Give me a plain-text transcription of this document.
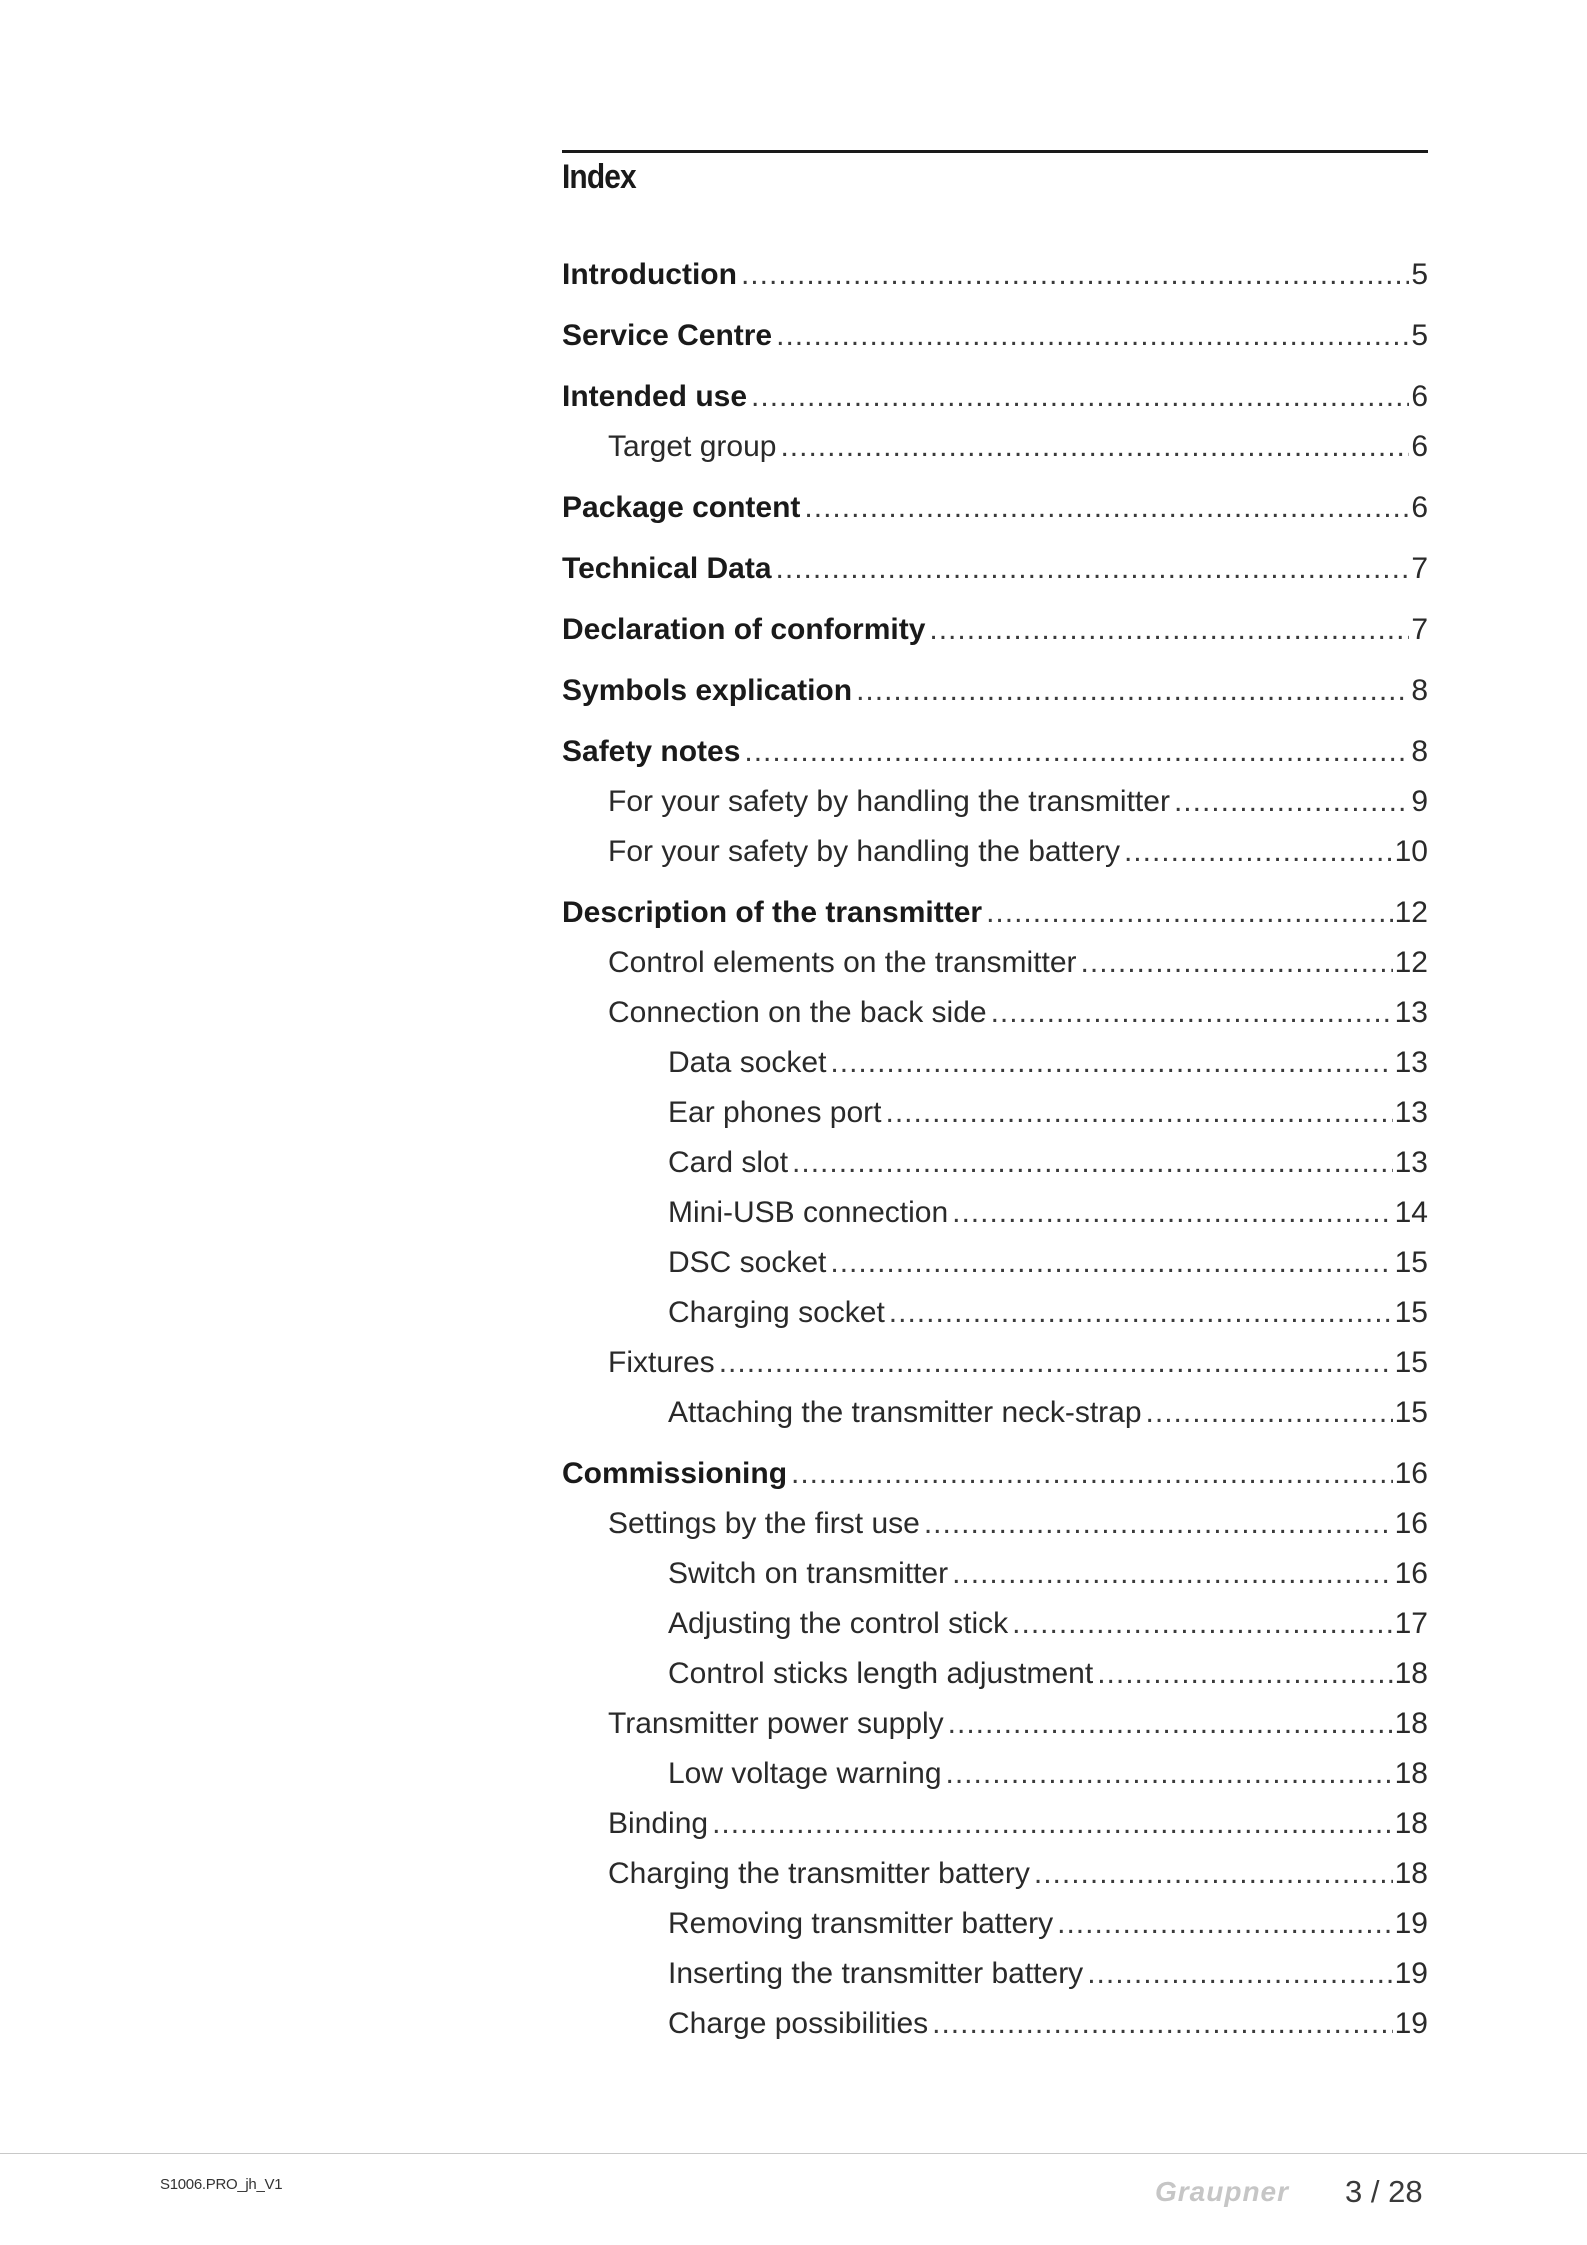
Index
Introduction .....	5
Service Centre .....	5
Intended use .....	6
Target group .....	6
Package content .....	6
Technical Data .....	7
Declaration of conformity .....	7
Symbols explication .....	8
Safety notes .....	8
For your safety by handling the transmitter .....	9
For your safety by handling the battery .....	10
Description of the transmitter .....	12
Control elements on the transmitter .....	12
Connection on the back side .....	13
Data socket .....	13
Ear phones port .....	13
Card slot .....	13
Mini-USB connection .....	14
DSC socket .....	15
Charging socket .....	15
Fixtures .....	15
Attaching the transmitter neck-strap .....	15
Commissioning .....	16
Settings by the first use .....	16
Switch on transmitter .....	16
Adjusting the control stick .....	17
Control sticks length adjustment .....	18
Transmitter power supply .....	18
Low voltage warning .....	18
Binding .....	18
Charging the transmitter battery .....	18
Removing transmitter battery .....	19
Inserting the transmitter battery .....	19
Charge possibilities .....	19
S1006.PRO_jh_V1	Graupner 3 / 28
